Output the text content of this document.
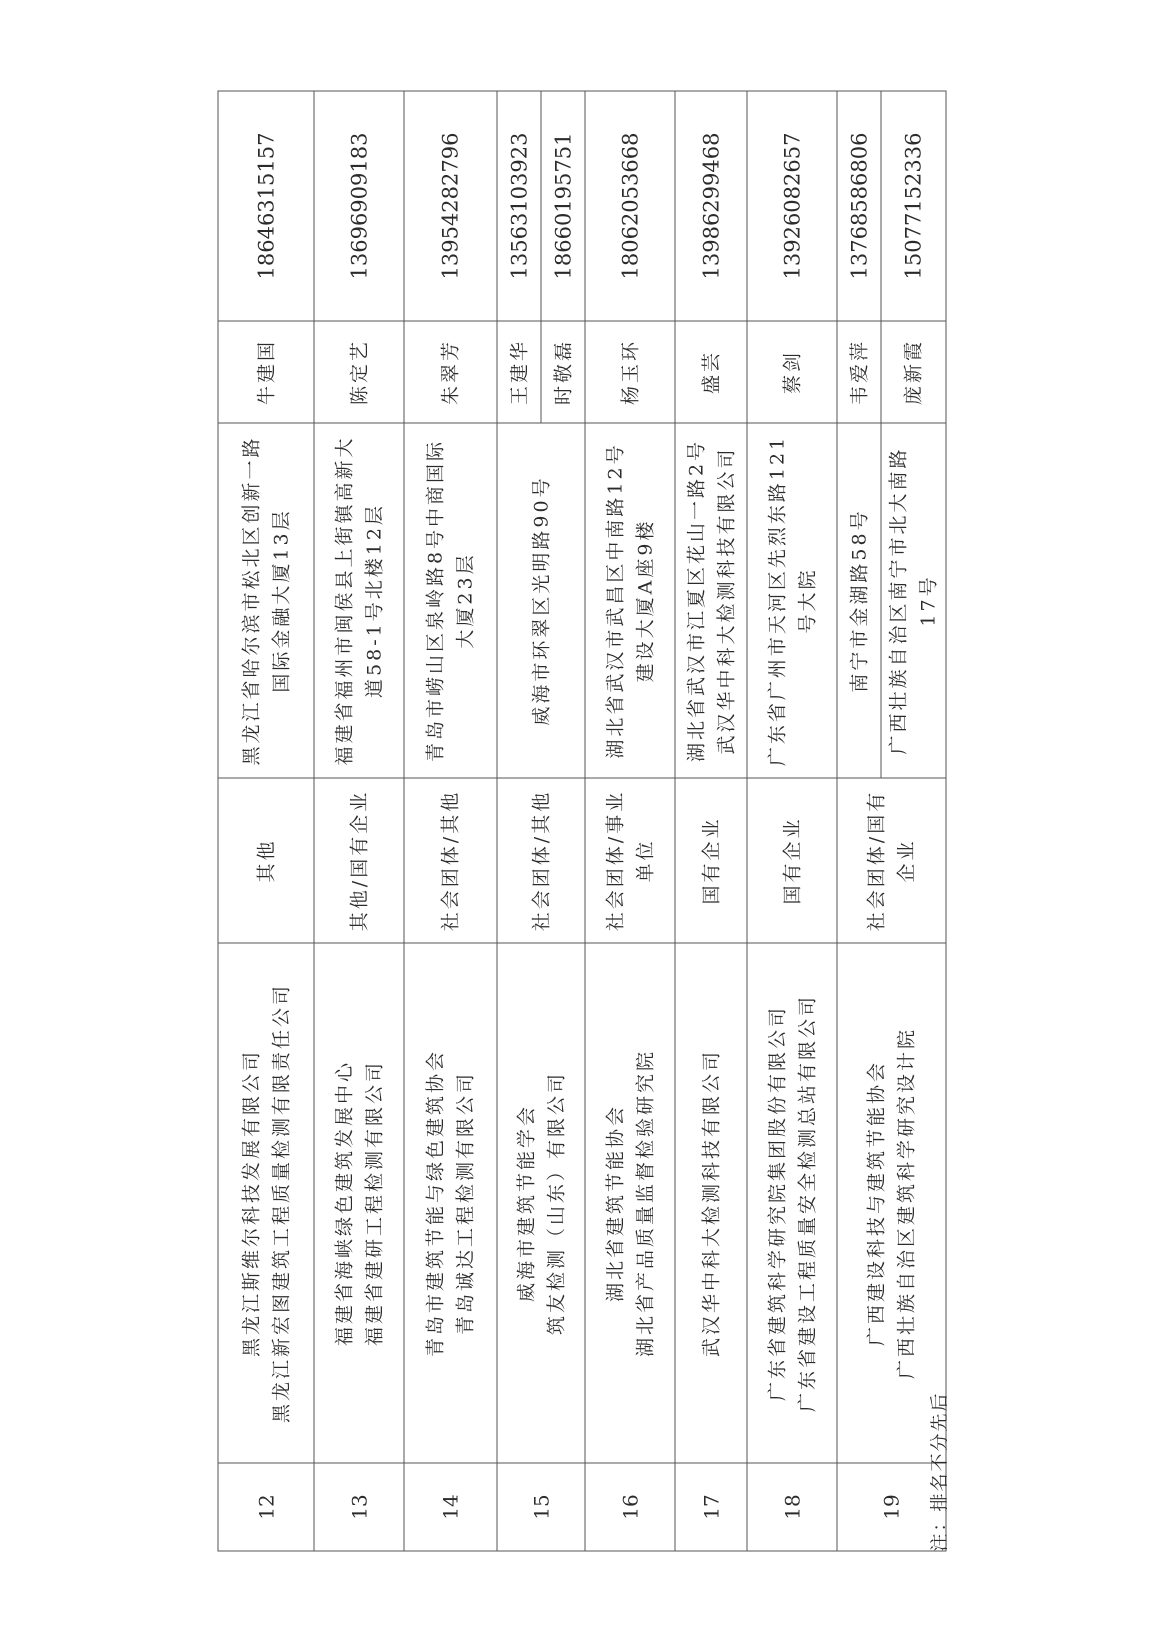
12	黑龙江斯维尔科技发展有限公司 黑龙江新宏图建筑工程质量检测有限责任公司	其他	黑龙江省哈尔滨市松北区创新一路国际金融大厦13层	牛建国	18646315157
13	福建省海峡绿色建筑发展中心 福建省建研工程检测有限公司	其他/国有企业	福建省福州市闽侯县上街镇高新大道58-1号北楼12层	陈定艺	13696909183
14	青岛市建筑节能与绿色建筑协会 青岛诚达工程检测有限公司	社会团体/其他	青岛市崂山区泉岭路8号中商国际大厦23层	朱翠芳	13954282796
15	威海市建筑节能学会 筑友检测（山东）有限公司	社会团体/其他	威海市环翠区光明路90号	王建华	13563103923
				时敬磊	18660195751
16	湖北省建筑节能协会 湖北省产品质量监督检验研究院	社会团体/事业单位	湖北省武汉市武昌区中南路12号建设大厦A座9楼	杨玉环	18062053668
17	武汉华中科大检测科技有限公司	国有企业	湖北省武汉市江夏区花山一路2号武汉华中科大检测科技有限公司	盛芸	13986299468
18	广东省建筑科学研究院集团股份有限公司 广东省建设工程质量安全检测总站有限公司	国有企业	广东省广州市天河区先烈东路121号大院	蔡剑	13926082657
19	广西建设科技与建筑节能协会 广西壮族自治区建筑科学研究设计院	社会团体/国有企业	南宁市金湖路58号	韦爱萍	13768586806
			广西壮族自治区南宁市北大南路17号	庞新霞	15077152336
注：排名不分先后
